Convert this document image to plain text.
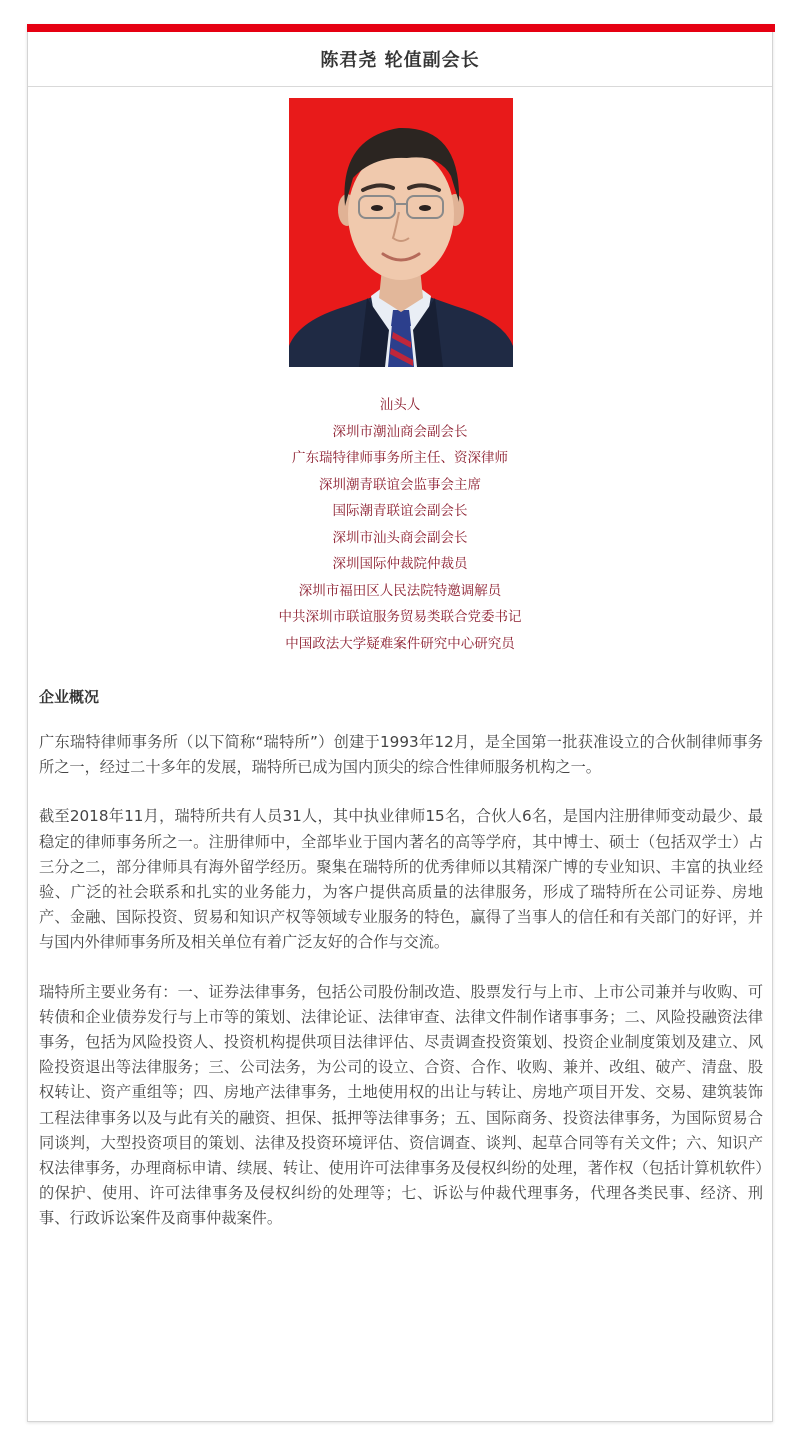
陈君尧 轮值副会长
汕头人
深圳市潮汕商会副会长
广东瑞特律师事务所主任、资深律师
深圳潮青联谊会监事会主席
国际潮青联谊会副会长
深圳市汕头商会副会长
深圳国际仲裁院仲裁员
深圳市福田区人民法院特邀调解员
中共深圳市联谊服务贸易类联合党委书记
中国政法大学疑难案件研究中心研究员
企业概况

广东瑞特律师事务所（以下简称“瑞特所”）创建于1993年12月，是全国第一批获准设立的合伙制律师事务所之一，经过二十多年的发展，瑞特所已成为国内顶尖的综合性律师服务机构之一。

截至2018年11月，瑞特所共有人员31人，其中执业律师15名，合伙人6名，是国内注册律师变动最少、最稳定的律师事务所之一。注册律师中，全部毕业于国内著名的高等学府，其中博士、硕士（包括双学士）占三分之二，部分律师具有海外留学经历。聚集在瑞特所的优秀律师以其精深广博的专业知识、丰富的执业经验、广泛的社会联系和扎实的业务能力，为客户提供高质量的法律服务，形成了瑞特所在公司证券、房地产、金融、国际投资、贸易和知识产权等领域专业服务的特色，赢得了当事人的信任和有关部门的好评，并与国内外律师事务所及相关单位有着广泛友好的合作与交流。

瑞特所主要业务有：一、证券法律事务，包括公司股份制改造、股票发行与上市、上市公司兼并与收购、可转债和企业债券发行与上市等的策划、法律论证、法律审查、法律文件制作诸事事务；二、风险投融资法律事务，包括为风险投资人、投资机构提供项目法律评估、尽责调查投资策划、投资企业制度策划及建立、风险投资退出等法律服务；三、公司法务，为公司的设立、合资、合作、收购、兼并、改组、破产、清盘、股权转让、资产重组等；四、房地产法律事务，土地使用权的出让与转让、房地产项目开发、交易、建筑装饰工程法律事务以及与此有关的融资、担保、抵押等法律事务；五、国际商务、投资法律事务，为国际贸易合同谈判，大型投资项目的策划、法律及投资环境评估、资信调查、谈判、起草合同等有关文件；六、知识产权法律事务，办理商标申请、续展、转让、使用许可法律事务及侵权纠纷的处理，著作权（包括计算机软件）的保护、使用、许可法律事务及侵权纠纷的处理等；七、诉讼与仲裁代理事务，代理各类民事、经济、刑事、行政诉讼案件及商事仲裁案件。
